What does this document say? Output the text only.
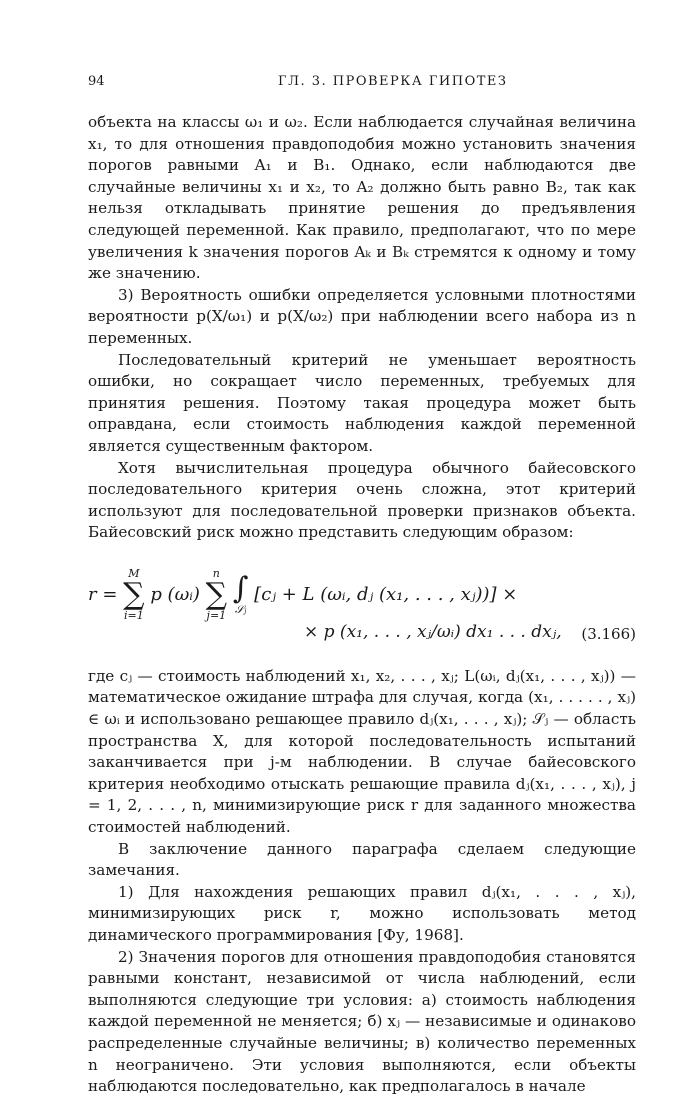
94	ГЛ. 3. ПРОВЕРКА ГИПОТЕЗ

объекта на классы ω₁ и ω₂. Если наблюдается случайная величина x₁, то для отношения правдоподобия можно установить значения порогов равными A₁ и B₁. Однако, если наблюдаются две случайные величины x₁ и x₂, то A₂ должно быть равно B₂, так как нельзя откладывать принятие решения до предъявления следующей переменной. Как правило, предполагают, что по мере увеличения k значения порогов Aₖ и Bₖ стремятся к одному и тому же значению.

3) Вероятность ошибки определяется условными плотностями вероятности p(X/ω₁) и p(X/ω₂) при наблюдении всего набора из n переменных.

Последовательный критерий не уменьшает вероятность ошибки, но сокращает число переменных, требуемых для принятия решения. Поэтому такая процедура может быть оправдана, если стоимость наблюдения каждой переменной является существенным фактором.

Хотя вычислительная процедура обычного байесовского последовательного критерия очень сложна, этот критерий используют для последовательной проверки признаков объекта. Байесовский риск можно представить следующим образом:

r = M
∑
i=1 p (ωᵢ) n
∑
j=1
∫
𝒮ⱼ [cⱼ + L (ωᵢ, dⱼ (x₁, . . . , xⱼ))] ×
× p (x₁, . . . , xⱼ/ωᵢ) dx₁ . . . dxⱼ, (3.166)

где cⱼ — стоимость наблюдений x₁, x₂, . . . , xⱼ; L(ωᵢ, dⱼ(x₁, . . . , xⱼ)) — математическое ожидание штрафа для случая, когда (x₁, . . . . . , xⱼ) ∈ ωᵢ и использовано решающее правило dⱼ(x₁, . . . , xⱼ); 𝒮ⱼ — область пространства X, для которой последовательность испытаний заканчивается при j-м наблюдении. В случае байесовского критерия необходимо отыскать решающие правила dⱼ(x₁, . . . , xⱼ), j = 1, 2, . . . , n, минимизирующие риск r для заданного множества стоимостей наблюдений.

В заключение данного параграфа сделаем следующие замечания.

1) Для нахождения решающих правил dⱼ(x₁, . . . , xⱼ), минимизирующих риск r, можно использовать метод динамического программирования [Фу, 1968].

2) Значения порогов для отношения правдоподобия становятся равными констант, независимой от числа наблюдений, если выполняются следующие три условия: а) стоимость наблюдения каждой переменной не меняется; б) xⱼ — независимые и одинаково распределенные случайные величины; в) количество переменных n неограничено. Эти условия выполняются, если объекты наблюдаются последовательно, как предполагалось в начале
